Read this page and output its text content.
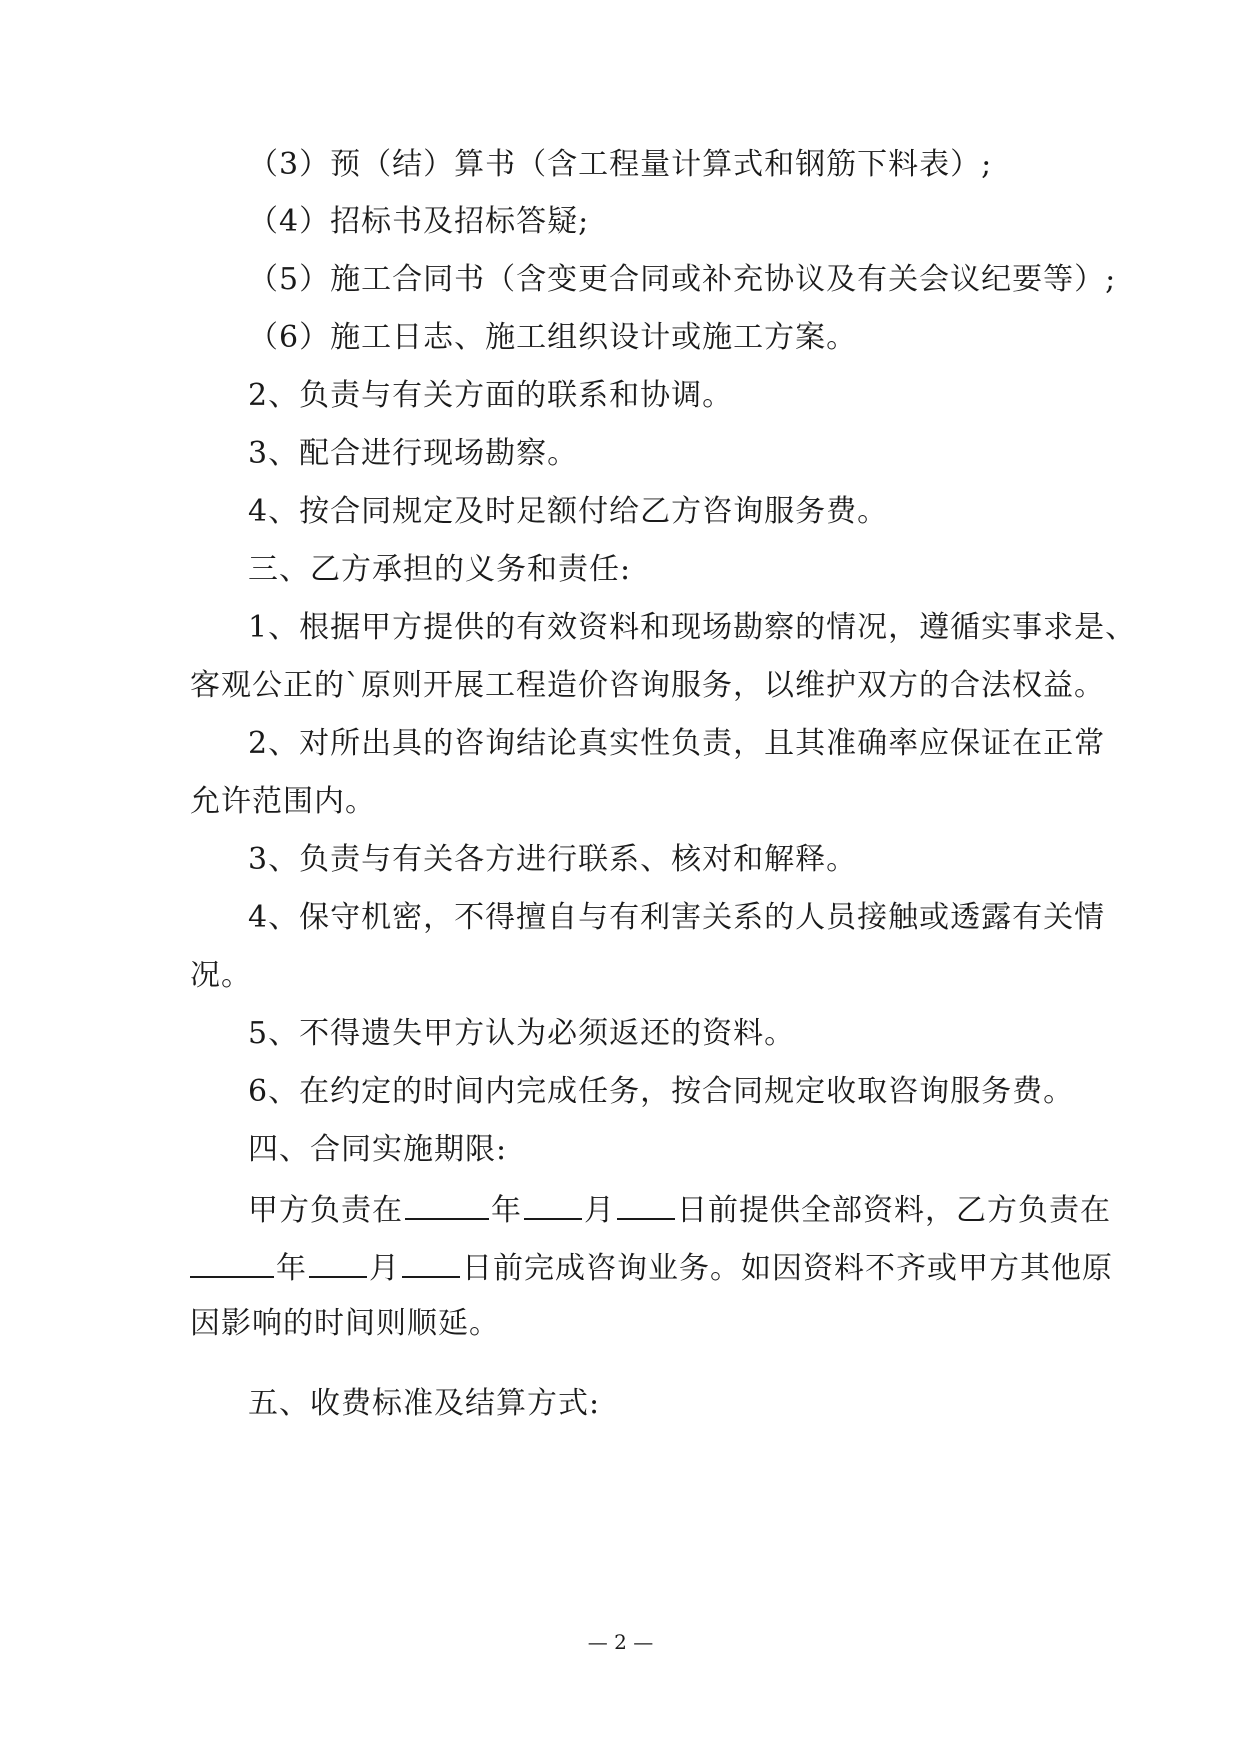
（3）预（结）算书（含工程量计算式和钢筋下料表）;
（4）招标书及招标答疑;
（5）施工合同书（含变更合同或补充协议及有关会议纪要等）;
（6）施工日志、施工组织设计或施工方案。
2、负责与有关方面的联系和协调。
3、配合进行现场勘察。
4、按合同规定及时足额付给乙方咨询服务费。
三、乙方承担的义务和责任:
1、根据甲方提供的有效资料和现场勘察的情况，遵循实事求是、
客观公正的`原则开展工程造价咨询服务，以维护双方的合法权益。
2、对所出具的咨询结论真实性负责，且其准确率应保证在正常
允许范围内。
3、负责与有关各方进行联系、核对和解释。
4、保守机密，不得擅自与有利害关系的人员接触或透露有关情
况。
5、不得遗失甲方认为必须返还的资料。
6、在约定的时间内完成任务，按合同规定收取咨询服务费。
四、合同实施期限:
甲方负责在	年 月 日前提供全部资料，乙方负责在
年 月 日前完成咨询业务。如因资料不齐或甲方其他原
因影响的时间则顺延。
五、收费标准及结算方式:
— 2 —
